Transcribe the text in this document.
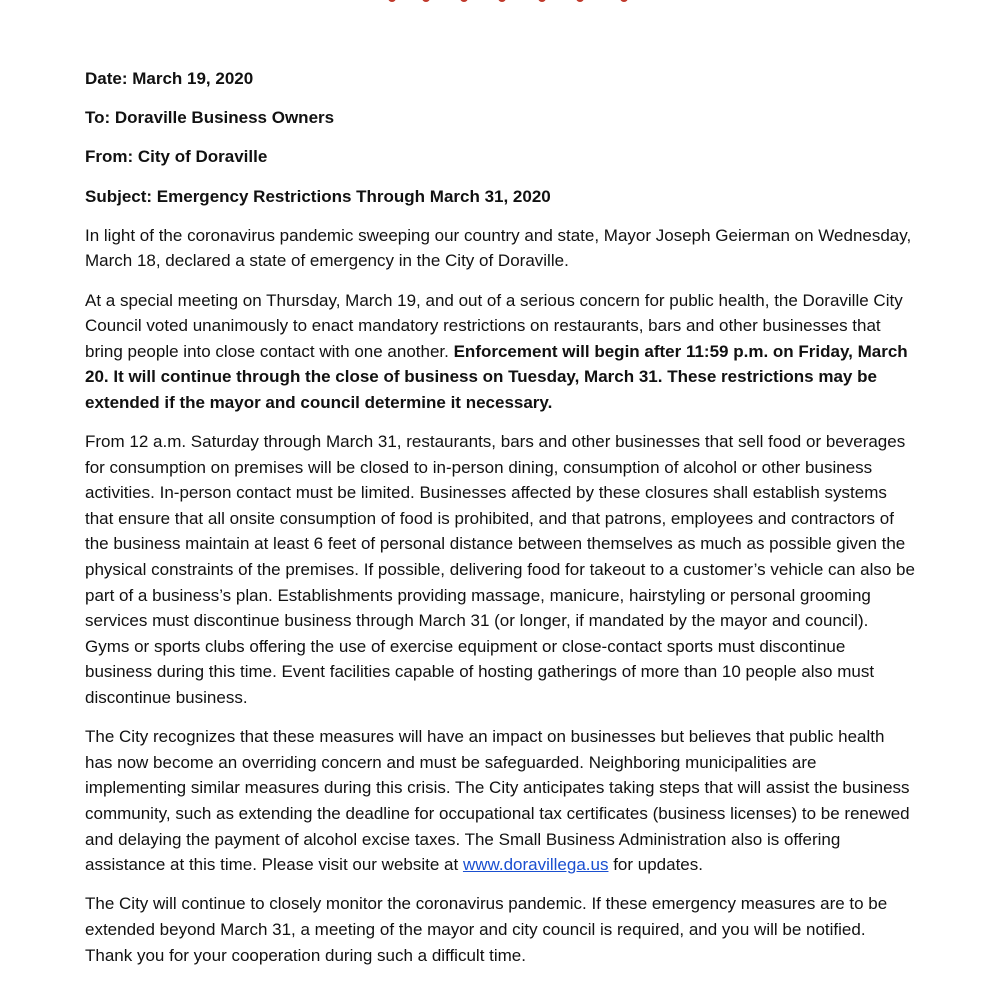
Date: March 19, 2020
To: Doraville Business Owners
From: City of Doraville
Subject: Emergency Restrictions Through March 31, 2020

In light of the coronavirus pandemic sweeping our country and state, Mayor Joseph Geierman on Wednesday, March 18, declared a state of emergency in the City of Doraville.

At a special meeting on Thursday, March 19, and out of a serious concern for public health, the Doraville City Council voted unanimously to enact mandatory restrictions on restaurants, bars and other businesses that bring people into close contact with one another. Enforcement will begin after 11:59 p.m. on Friday, March 20. It will continue through the close of business on Tuesday, March 31. These restrictions may be extended if the mayor and council determine it necessary.

From 12 a.m. Saturday through March 31, restaurants, bars and other businesses that sell food or beverages for consumption on premises will be closed to in-person dining, consumption of alcohol or other business activities. In-person contact must be limited. Businesses affected by these closures shall establish systems that ensure that all onsite consumption of food is prohibited, and that patrons, employees and contractors of the business maintain at least 6 feet of personal distance between themselves as much as possible given the physical constraints of the premises. If possible, delivering food for takeout to a customer’s vehicle can also be part of a business’s plan. Establishments providing massage, manicure, hairstyling or personal grooming services must discontinue business through March 31 (or longer, if mandated by the mayor and council). Gyms or sports clubs offering the use of exercise equipment or close-contact sports must discontinue business during this time. Event facilities capable of hosting gatherings of more than 10 people also must discontinue business.

The City recognizes that these measures will have an impact on businesses but believes that public health has now become an overriding concern and must be safeguarded. Neighboring municipalities are implementing similar measures during this crisis. The City anticipates taking steps that will assist the business community, such as extending the deadline for occupational tax certificates (business licenses) to be renewed and delaying the payment of alcohol excise taxes. The Small Business Administration also is offering assistance at this time. Please visit our website at www.doravillega.us for updates.

The City will continue to closely monitor the coronavirus pandemic. If these emergency measures are to be extended beyond March 31, a meeting of the mayor and city council is required, and you will be notified. Thank you for your cooperation during such a difficult time.
